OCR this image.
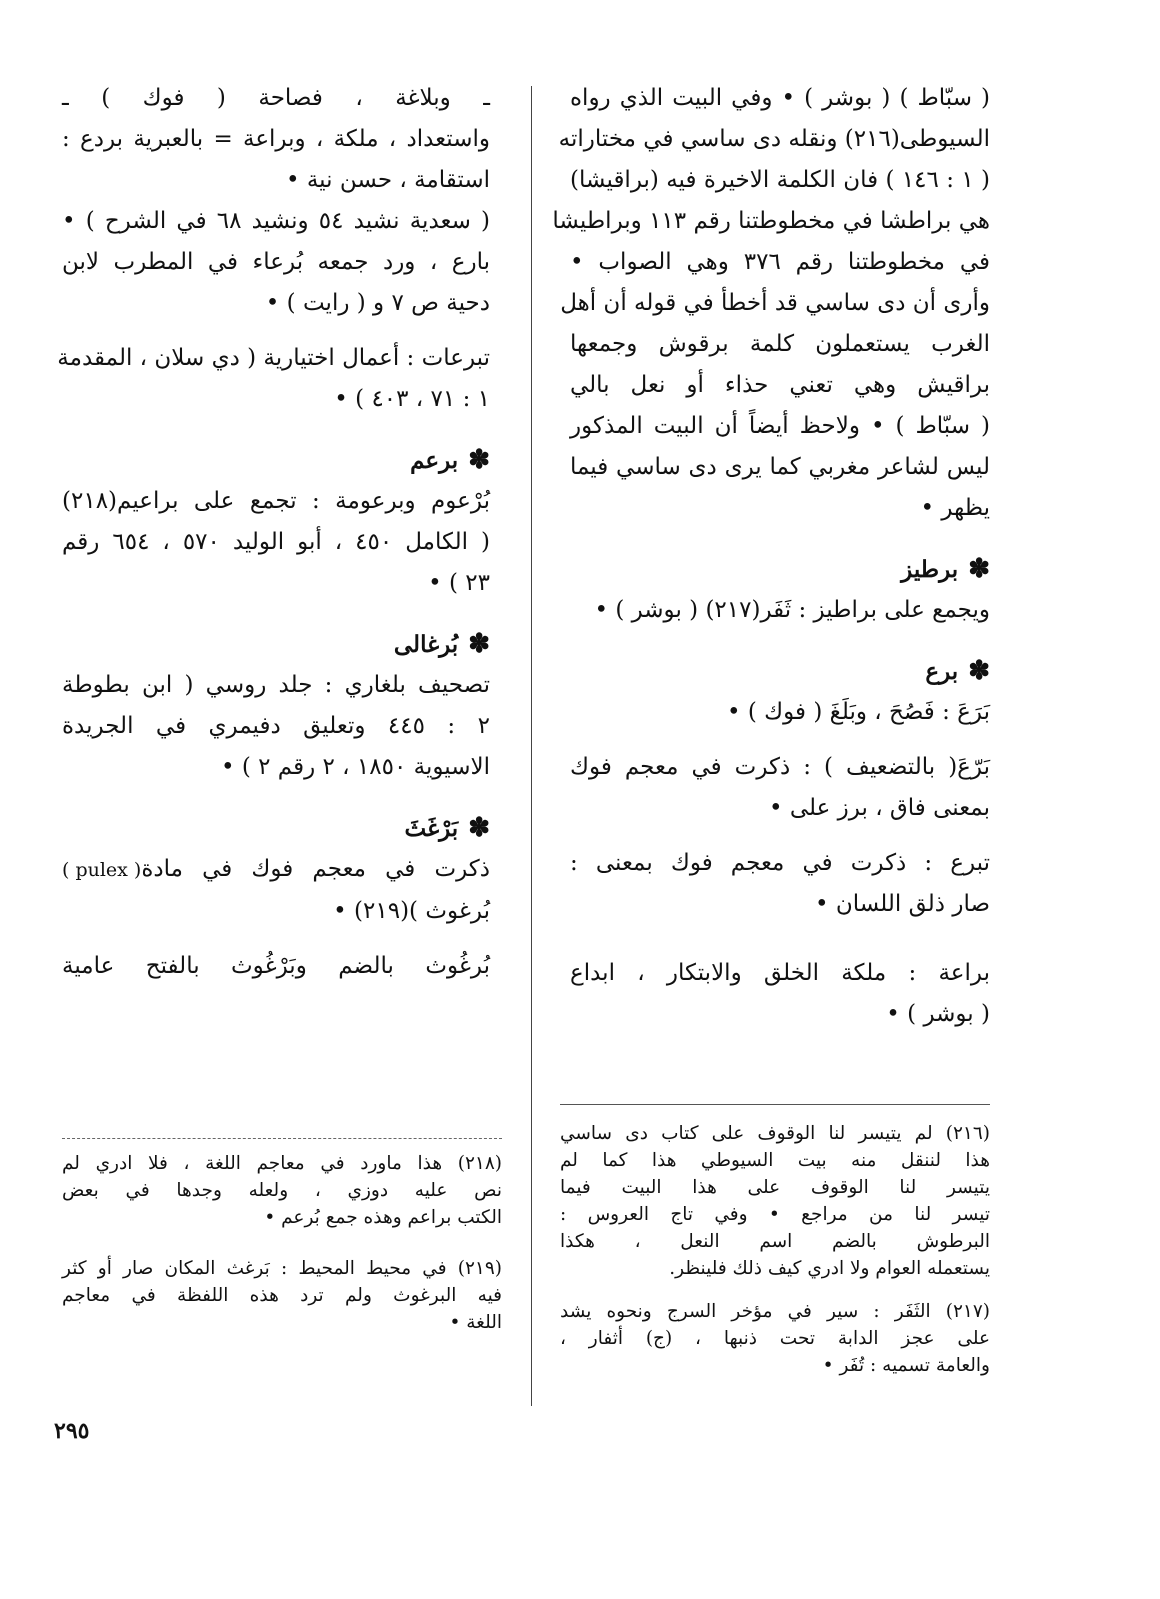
( سبّاط ) ( بوشر ) • وفي البيت الذي رواه
السيوطى(٢١٦) ونقله دى ساسي في مختاراته
( ١ : ١٤٦ ) فان الكلمة الاخيرة فيه (براقيشا)
هي براطشا في مخطوطتنا رقم ١١٣ وبراطيشا
في مخطوطتنا رقم ٣٧٦ وهي الصواب •
وأرى أن دى ساسي قد أخطأ في قوله أن أهل
الغرب يستعملون كلمة برقوش وجمعها
براقيش وهي تعني حذاء أو نعل بالي
( سبّاط ) • ولاحظ أيضاً أن البيت المذكور
ليس لشاعر مغربي كما يرى دى ساسي فيما
يظهر •
✽برطيز
ويجمع على براطيز : ثَفَر(٢١٧) ( بوشر ) •
✽برع
بَرَعَ : فَصُحَ ، وبَلَغَ ( فوك ) •
بَرّعَ( بالتضعيف ) : ذكرت في معجم فوك
بمعنى فاق ، برز على •
تبرع : ذكرت في معجم فوك بمعنى :
صار ذلق اللسان •
براعة : ملكة الخلق والابتكار ، ابداع
( بوشر ) •
ـ وبلاغة ، فصاحة ( فوك ) ـ
واستعداد ، ملكة ، وبراعة = بالعبرية بردع :
استقامة ، حسن نية •
( سعدية نشيد ٥٤ ونشيد ٦٨ في الشرح ) •
بارع ، ورد جمعه بُرعاء في المطرب لابن
دحية ص ٧ و ( رايت ) •
تبرعات : أعمال اختيارية ( دي سلان ، المقدمة
١ : ٧١ ، ٤٠٣ ) •
✽برعم
بُرْعوم وبرعومة : تجمع على براعيم(٢١٨)
( الكامل ٤٥٠ ، أبو الوليد ٥٧٠ ، ٦٥٤ رقم
٢٣ ) •
✽بُرغالى
تصحيف بلغاري : جلد روسي ( ابن بطوطة
٢ : ٤٤٥ وتعليق دفيمري في الجريدة
الاسيوية ١٨٥٠ ، ٢ رقم ٢ ) •
✽بَرْغَثَ
ذكرت في معجم فوك في مادة( pulex )
بُرغوث )(٢١٩) •
بُرغُوث بالضم وبَرْغُوث بالفتح عامية
(٢١٦) لم يتيسر لنا الوقوف على كتاب دى ساسي
هذا لننقل منه بيت السيوطي هذا كما لم
يتيسر لنا الوقوف على هذا البيت فيما
تيسر لنا من مراجع • وفي تاج العروس :
البرطوش بالضم اسم النعل ، هكذا
يستعمله العوام ولا ادري كيف ذلك فلينظر.
(٢١٧) الثَفَر : سير في مؤخر السرج ونحوه يشد
على عجز الدابة تحت ذنبها ، (ج) أثفار ،
والعامة تسميه : تُفَر •
(٢١٨) هذا ماورد في معاجم اللغة ، فلا ادري لم
نص عليه دوزي ، ولعله وجدها في بعض
الكتب براعم وهذه جمع بُرعم •
(٢١٩) في محيط المحيط : بَرغث المكان صار أو كثر
فيه البرغوث ولم ترد هذه اللفظة في معاجم
اللغة •
٢٩٥
